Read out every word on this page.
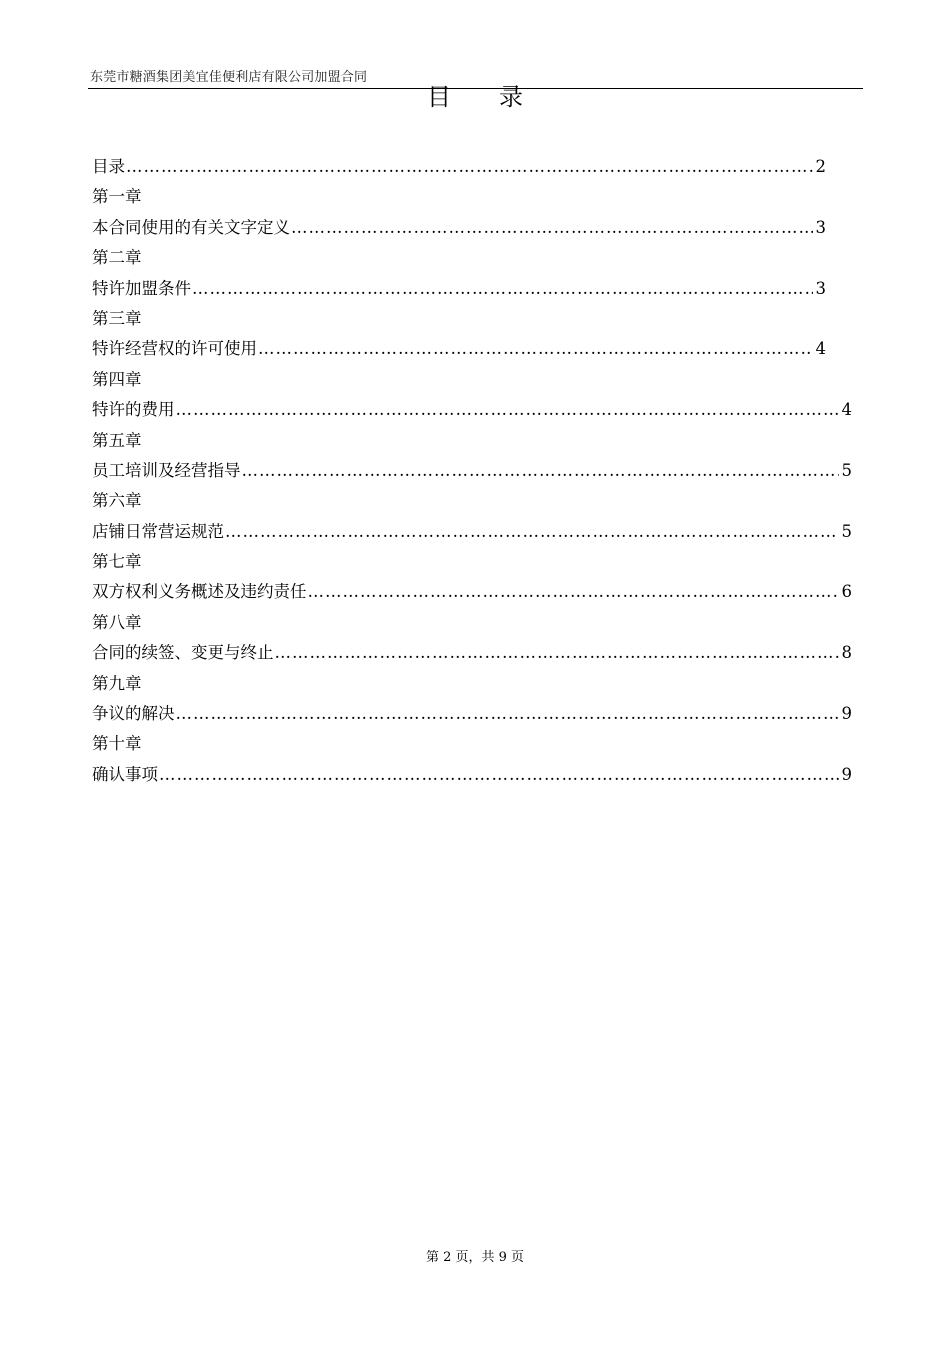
东莞市糖酒集团美宜佳便利店有限公司加盟合同
目录
目录 ……………………………………………………………………………………………………………………………………………………………………………………………………………………………………	2
第一章
本合同使用的有关文字定义 ……………………………………………………………………………………………………………………………………………………………………………………………………………………………………	3
第二章
特许加盟条件 ……………………………………………………………………………………………………………………………………………………………………………………………………………………………………	3
第三章
特许经营权的许可使用 ……………………………………………………………………………………………………………………………………………………………………………………………………………………………………	4
第四章
特许的费用 ……………………………………………………………………………………………………………………………………………………………………………………………………………………………………	4
第五章
员工培训及经营指导 ……………………………………………………………………………………………………………………………………………………………………………………………………………………………………	5
第六章
店铺日常营运规范 ……………………………………………………………………………………………………………………………………………………………………………………………………………………………………	5
第七章
双方权利义务概述及违约责任 ……………………………………………………………………………………………………………………………………………………………………………………………………………………………………	6
第八章
合同的续签、变更与终止 ……………………………………………………………………………………………………………………………………………………………………………………………………………………………………	8
第九章
争议的解决 ……………………………………………………………………………………………………………………………………………………………………………………………………………………………………	9
第十章
确认事项 ……………………………………………………………………………………………………………………………………………………………………………………………………………………………………	9
第 2 页，共 9 页
